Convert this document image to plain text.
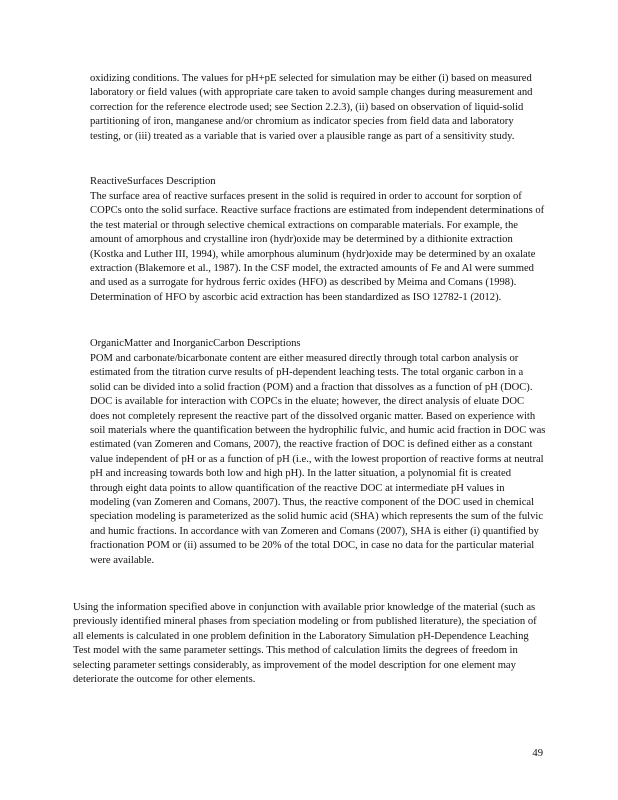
oxidizing conditions. The values for pH+pE selected for simulation may be either (i) based on measured laboratory or field values (with appropriate care taken to avoid sample changes during measurement and correction for the reference electrode used; see Section 2.2.3), (ii) based on observation of liquid‑solid partitioning of iron, manganese and/or chromium as indicator species from field data and laboratory testing, or (iii) treated as a variable that is varied over a plausible range as part of a sensitivity study.

ReactiveSurfaces Description

The surface area of reactive surfaces present in the solid is required in order to account for sorption of COPCs onto the solid surface. Reactive surface fractions are estimated from independent determinations of the test material or through selective chemical extractions on comparable materials. For example, the amount of amorphous and crystalline iron (hydr)oxide may be determined by a dithionite extraction (Kostka and Luther III, 1994), while amorphous aluminum (hydr)oxide may be determined by an oxalate extraction (Blakemore et al., 1987). In the CSF model, the extracted amounts of Fe and Al were summed and used as a surrogate for hydrous ferric oxides (HFO) as described by Meima and Comans (1998). Determination of HFO by ascorbic acid extraction has been standardized as ISO 12782‑1 (2012).

OrganicMatter and InorganicCarbon Descriptions

POM and carbonate/bicarbonate content are either measured directly through total carbon analysis or estimated from the titration curve results of pH‑dependent leaching tests. The total organic carbon in a solid can be divided into a solid fraction (POM) and a fraction that dissolves as a function of pH (DOC). DOC is available for interaction with COPCs in the eluate; however, the direct analysis of eluate DOC does not completely represent the reactive part of the dissolved organic matter. Based on experience with soil materials where the quantification between the hydrophilic fulvic, and humic acid fraction in DOC was estimated (van Zomeren and Comans, 2007), the reactive fraction of DOC is defined either as a constant value independent of pH or as a function of pH (i.e., with the lowest proportion of reactive forms at neutral pH and increasing towards both low and high pH). In the latter situation, a polynomial fit is created through eight data points to allow quantification of the reactive DOC at intermediate pH values in modeling (van Zomeren and Comans, 2007). Thus, the reactive component of the DOC used in chemical speciation modeling is parameterized as the solid humic acid (SHA) which represents the sum of the fulvic and humic fractions. In accordance with van Zomeren and Comans (2007), SHA is either (i) quantified by fractionation POM or (ii) assumed to be 20% of the total DOC, in case no data for the particular material were available.

Using the information specified above in conjunction with available prior knowledge of the material (such as previously identified mineral phases from speciation modeling or from published literature), the speciation of all elements is calculated in one problem definition in the Laboratory Simulation pH‑Dependence Leaching Test model with the same parameter settings. This method of calculation limits the degrees of freedom in selecting parameter settings considerably, as improvement of the model description for one element may deteriorate the outcome for other elements.

49
